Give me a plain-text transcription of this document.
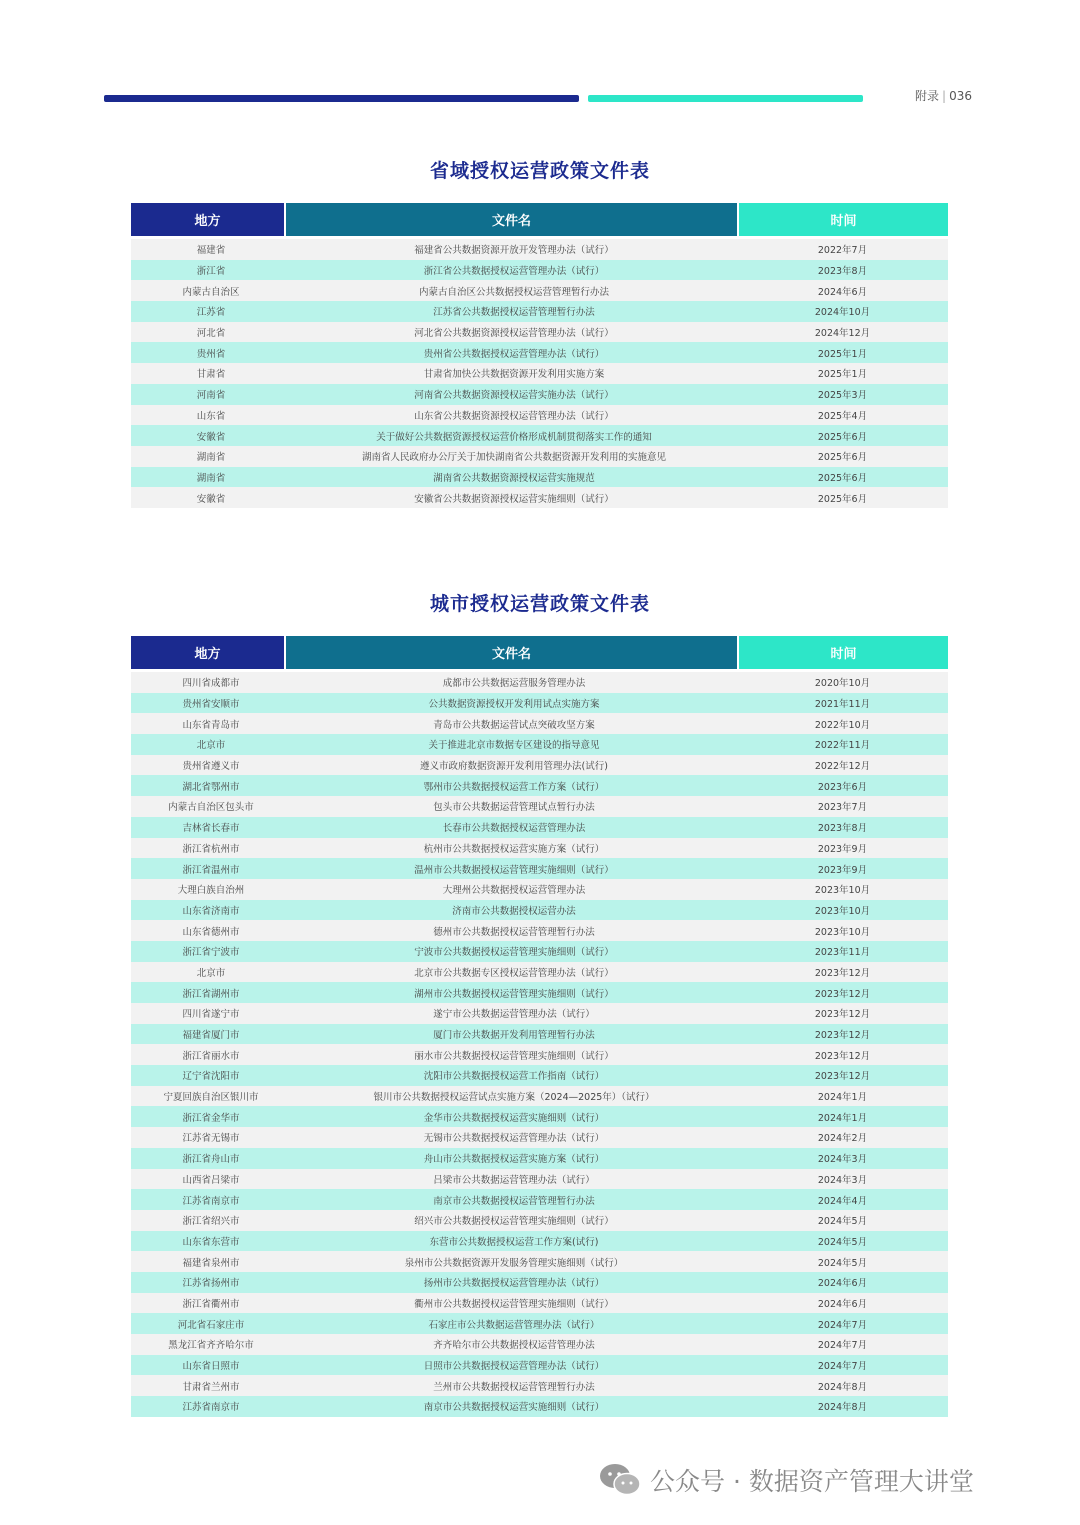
附录 | 036
省域授权运营政策文件表
地方	文件名	时间
福建省	福建省公共数据资源开放开发管理办法（试行）	2022年7月
浙江省	浙江省公共数据授权运营管理办法（试行）	2023年8月
内蒙古自治区	内蒙古自治区公共数据授权运营管理暂行办法	2024年6月
江苏省	江苏省公共数据授权运营管理暂行办法	2024年10月
河北省	河北省公共数据资源授权运营管理办法（试行）	2024年12月
贵州省	贵州省公共数据授权运营管理办法（试行）	2025年1月
甘肃省	甘肃省加快公共数据资源开发利用实施方案	2025年1月
河南省	河南省公共数据资源授权运营实施办法（试行）	2025年3月
山东省	山东省公共数据资源授权运营管理办法（试行）	2025年4月
安徽省	关于做好公共数据资源授权运营价格形成机制贯彻落实工作的通知	2025年6月
湖南省	湖南省人民政府办公厅关于加快湖南省公共数据资源开发利用的实施意见	2025年6月
湖南省	湖南省公共数据资源授权运营实施规范	2025年6月
安徽省	安徽省公共数据资源授权运营实施细则（试行）	2025年6月
城市授权运营政策文件表
地方	文件名	时间
四川省成都市	成都市公共数据运营服务管理办法	2020年10月
贵州省安顺市	公共数据资源授权开发利用试点实施方案	2021年11月
山东省青岛市	青岛市公共数据运营试点突破攻坚方案	2022年10月
北京市	关于推进北京市数据专区建设的指导意见	2022年11月
贵州省遵义市	遵义市政府数据资源开发利用管理办法(试行)	2022年12月
湖北省鄂州市	鄂州市公共数据授权运营工作方案（试行）	2023年6月
内蒙古自治区包头市	包头市公共数据运营管理试点暂行办法	2023年7月
吉林省长春市	长春市公共数据授权运营管理办法	2023年8月
浙江省杭州市	杭州市公共数据授权运营实施方案（试行）	2023年9月
浙江省温州市	温州市公共数据授权运营管理实施细则（试行）	2023年9月
大理白族自治州	大理州公共数据授权运营管理办法	2023年10月
山东省济南市	济南市公共数据授权运营办法	2023年10月
山东省德州市	德州市公共数据授权运营管理暂行办法	2023年10月
浙江省宁波市	宁波市公共数据授权运营管理实施细则（试行）	2023年11月
北京市	北京市公共数据专区授权运营管理办法（试行）	2023年12月
浙江省湖州市	湖州市公共数据授权运营管理实施细则（试行）	2023年12月
四川省遂宁市	遂宁市公共数据运营管理办法（试行）	2023年12月
福建省厦门市	厦门市公共数据开发利用管理暂行办法	2023年12月
浙江省丽水市	丽水市公共数据授权运营管理实施细则（试行）	2023年12月
辽宁省沈阳市	沈阳市公共数据授权运营工作指南（试行）	2023年12月
宁夏回族自治区银川市	银川市公共数据授权运营试点实施方案（2024—2025年）（试行）	2024年1月
浙江省金华市	金华市公共数据授权运营实施细则（试行）	2024年1月
江苏省无锡市	无锡市公共数据授权运营管理办法（试行）	2024年2月
浙江省舟山市	舟山市公共数据授权运营实施方案（试行）	2024年3月
山西省吕梁市	吕梁市公共数据运营管理办法（试行）	2024年3月
江苏省南京市	南京市公共数据授权运营管理暂行办法	2024年4月
浙江省绍兴市	绍兴市公共数据授权运营管理实施细则（试行）	2024年5月
山东省东营市	东营市公共数据授权运营工作方案(试行)	2024年5月
福建省泉州市	泉州市公共数据资源开发服务管理实施细则（试行）	2024年5月
江苏省扬州市	扬州市公共数据授权运营管理办法（试行）	2024年6月
浙江省衢州市	衢州市公共数据授权运营管理实施细则（试行）	2024年6月
河北省石家庄市	石家庄市公共数据运营管理办法（试行）	2024年7月
黑龙江省齐齐哈尔市	齐齐哈尔市公共数据授权运营管理办法	2024年7月
山东省日照市	日照市公共数据授权运营管理办法（试行）	2024年7月
甘肃省兰州市	兰州市公共数据授权运营管理暂行办法	2024年8月
江苏省南京市	南京市公共数据授权运营实施细则（试行）	2024年8月
公众号 · 数据资产管理大讲堂
